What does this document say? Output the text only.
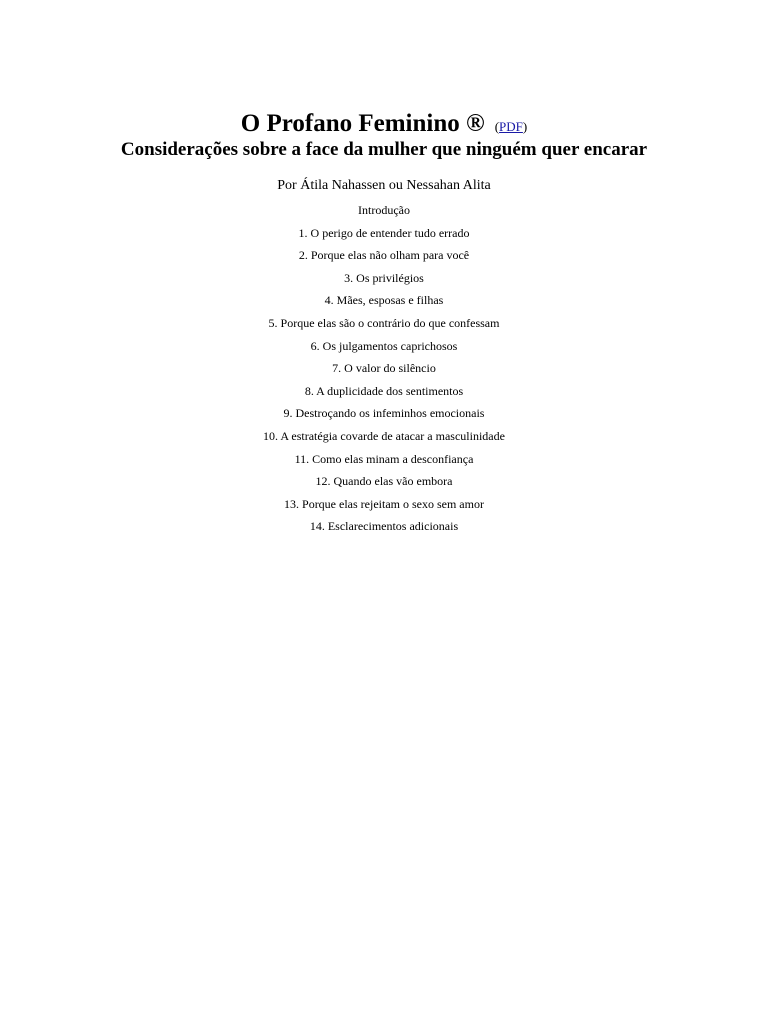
O Profano Feminino ® (PDF)
Considerações sobre a face da mulher que ninguém quer encarar
Por Átila Nahassen ou Nessahan Alita
Introdução
1. O perigo de entender tudo errado
2. Porque elas não olham para você
3. Os privilégios
4. Mães, esposas e filhas
5. Porque elas são o contrário do que confessam
6. Os julgamentos caprichosos
7. O valor do silêncio
8. A duplicidade dos sentimentos
9. Destroçando os infeminhos emocionais
10. A estratégia covarde de atacar a masculinidade
11. Como elas minam a desconfiança
12. Quando elas vão embora
13. Porque elas rejeitam o sexo sem amor
14. Esclarecimentos adicionais
